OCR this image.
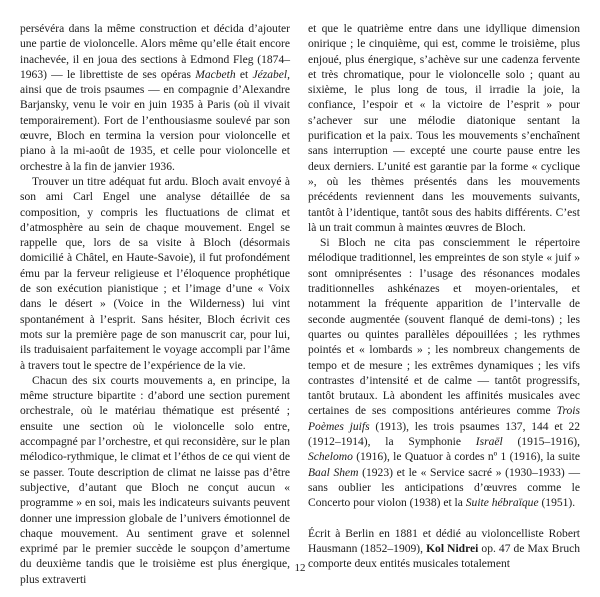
persévéra dans la même construction et décida d’ajouter une partie de violoncelle. Alors même qu’elle était encore inachevée, il en joua des sections à Edmond Fleg (1874–1963) — le librettiste de ses opéras Macbeth et Jézabel, ainsi que de trois psaumes — en compagnie d’Alexandre Barjansky, venu le voir en juin 1935 à Paris (où il vivait temporairement). Fort de l’enthousiasme soulevé par son œuvre, Bloch en termina la version pour violoncelle et piano à la mi-août de 1935, et celle pour violoncelle et orchestre à la fin de janvier 1936.

Trouver un titre adéquat fut ardu. Bloch avait envoyé à son ami Carl Engel une analyse détaillée de sa composition, y compris les fluctuations de climat et d’atmosphère au sein de chaque mouvement. Engel se rappelle que, lors de sa visite à Bloch (désormais domicilié à Châtel, en Haute-Savoie), il fut profondément ému par la ferveur religieuse et l’éloquence prophétique de son exécution pianistique ; et l’image d’une « Voix dans le désert » (Voice in the Wilderness) lui vint spontanément à l’esprit. Sans hésiter, Bloch écrivit ces mots sur la première page de son manuscrit car, pour lui, ils traduisaient parfaitement le voyage accompli par l’âme à travers tout le spectre de l’expérience de la vie.

Chacun des six courts mouvements a, en principe, la même structure bipartite : d’abord une section purement orchestrale, où le matériau thématique est présenté ; ensuite une section où le violoncelle solo entre, accompagné par l’orchestre, et qui reconsidère, sur le plan mélodico-rythmique, le climat et l’éthos de ce qui vient de se passer. Toute description de climat ne laisse pas d’être subjective, d’autant que Bloch ne conçut aucun « programme » en soi, mais les indicateurs suivants peuvent donner une impression globale de l’univers émotionnel de chaque mouvement. Au sentiment grave et solennel exprimé par le premier succède le soupçon d’amertume du deuxième tandis que le troisième est plus énergique, plus extraverti

et que le quatrième entre dans une idyllique dimension onirique ; le cinquième, qui est, comme le troisième, plus enjoué, plus énergique, s’achève sur une cadenza fervente et très chromatique, pour le violoncelle solo ; quant au sixième, le plus long de tous, il irradie la joie, la confiance, l’espoir et « la victoire de l’esprit » pour s’achever sur une mélodie diatonique sentant la purification et la paix. Tous les mouvements s’enchaînent sans interruption — excepté une courte pause entre les deux derniers. L’unité est garantie par la forme « cyclique », où les thèmes présentés dans les mouvements précédents reviennent dans les mouvements suivants, tantôt à l’identique, tantôt sous des habits différents. C’est là un trait commun à maintes œuvres de Bloch.

Si Bloch ne cita pas consciemment le répertoire mélodique traditionnel, les empreintes de son style « juif » sont omniprésentes : l’usage des résonances modales traditionnelles ashkénazes et moyen-orientales, et notamment la fréquente apparition de l’intervalle de seconde augmentée (souvent flanqué de demi-tons) ; les quartes ou quintes parallèles dépouillées ; les rythmes pointés et « lombards » ; les nombreux changements de tempo et de mesure ; les extrêmes dynamiques ; les vifs contrastes d’intensité et de calme — tantôt progressifs, tantôt brutaux. Là abondent les affinités musicales avec certaines de ses compositions antérieures comme Trois Poèmes juifs (1913), les trois psaumes 137, 144 et 22 (1912–1914), la Symphonie Israël (1915–1916), Schelomo (1916), le Quatuor à cordes nº 1 (1916), la suite Baal Shem (1923) et le « Service sacré » (1930–1933) — sans oublier les anticipations d’œuvres comme le Concerto pour violon (1938) et la Suite hébraïque (1951).

Écrit à Berlin en 1881 et dédié au violoncelliste Robert Hausmann (1852–1909), Kol Nidrei op. 47 de Max Bruch comporte deux entités musicales totalement

12
